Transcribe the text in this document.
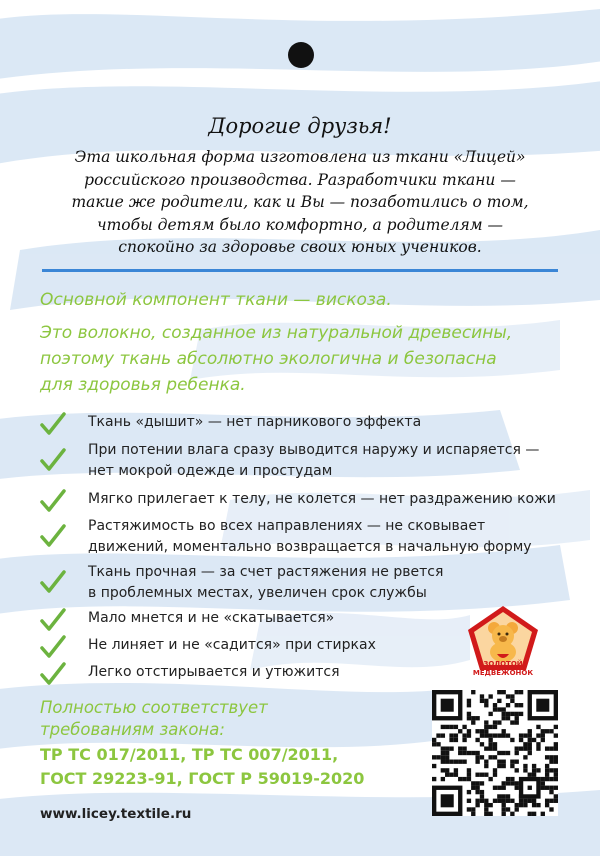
Дорогие друзья!

Эта школьная форма изготовлена из ткани «Лицей»
российского производства. Разработчики ткани —
такие же родители, как и Вы — позаботились о том,
чтобы детям было комфортно, а родителям —
спокойно за здоровье своих юных учеников.

Основной компонент ткани — вискоза.

Это волокно, созданное из натуральной древесины,
поэтому ткань абсолютно экологична и безопасна
для здоровья ребенка.

Ткань «дышит» — нет парникового эффекта
При потении влага сразу выводится наружу и испаряется —
нет мокрой одежде и простудам
Мягко прилегает к телу, не колется — нет раздражению кожи
Растяжимость во всех направлениях — не сковывает
движений, моментально возвращается в начальную форму
Ткань прочная — за счет растяжения не рвется
в проблемных местах, увеличен срок службы
Мало мнется и не «скатывается»
Не линяет и не «садится» при стирках
Легко отстирывается и утюжится

Полностью соответствует
требованиям закона:

ТР ТС 017/2011, ТР ТС 007/2011,
ГОСТ 29223-91, ГОСТ Р 59019-2020

www.licey.textile.ru
ЗОЛОТОЙ
МЕДВЕЖОНОК
